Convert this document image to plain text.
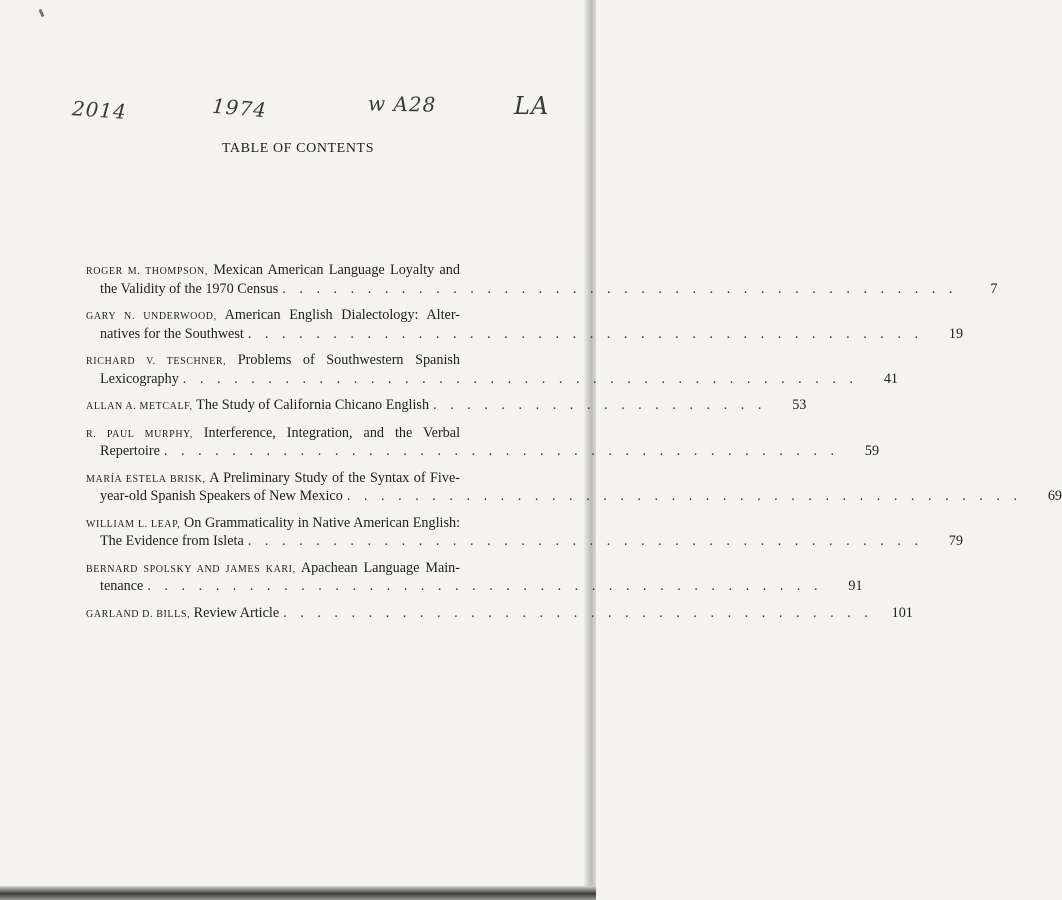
2014	1974	w A28	LA
TABLE OF CONTENTS
ROGER M. THOMPSON, Mexican American Language Loyalty and
the Validity of the 1970 Census . . . . . . . . . . . . . . . . . . . . . . . . . . . . . . . . . . . . . . . .	7
GARY N. UNDERWOOD, American English Dialectology: Alter-
natives for the Southwest . . . . . . . . . . . . . . . . . . . . . . . . . . . . . . . . . . . . . . . .	19
RICHARD V. TESCHNER, Problems of Southwestern Spanish
Lexicography . . . . . . . . . . . . . . . . . . . . . . . . . . . . . . . . . . . . . . . .	41
ALLAN A. METCALF,
The Study of California Chicano English . . . . . . . . . . . . . . . . . . . .	53
R. PAUL MURPHY, Interference, Integration, and the Verbal
Repertoire . . . . . . . . . . . . . . . . . . . . . . . . . . . . . . . . . . . . . . . .	59
MARÍA ESTELA BRISK, A Preliminary Study of the Syntax of Five-
year-old Spanish Speakers of New Mexico . . . . . . . . . . . . . . . . . . . . . . . . . . . . . . . . . . . . . . . .	69
WILLIAM L. LEAP, On Grammaticality in Native American English:
The Evidence from Isleta . . . . . . . . . . . . . . . . . . . . . . . . . . . . . . . . . . . . . . . .	79
BERNARD SPOLSKY AND JAMES KARI, Apachean Language Main-
tenance . . . . . . . . . . . . . . . . . . . . . . . . . . . . . . . . . . . . . . . .	91
GARLAND D. BILLS,
Review Article . . . . . . . . . . . . . . . . . . . . . . . . . . . . . . . . . . .	101
